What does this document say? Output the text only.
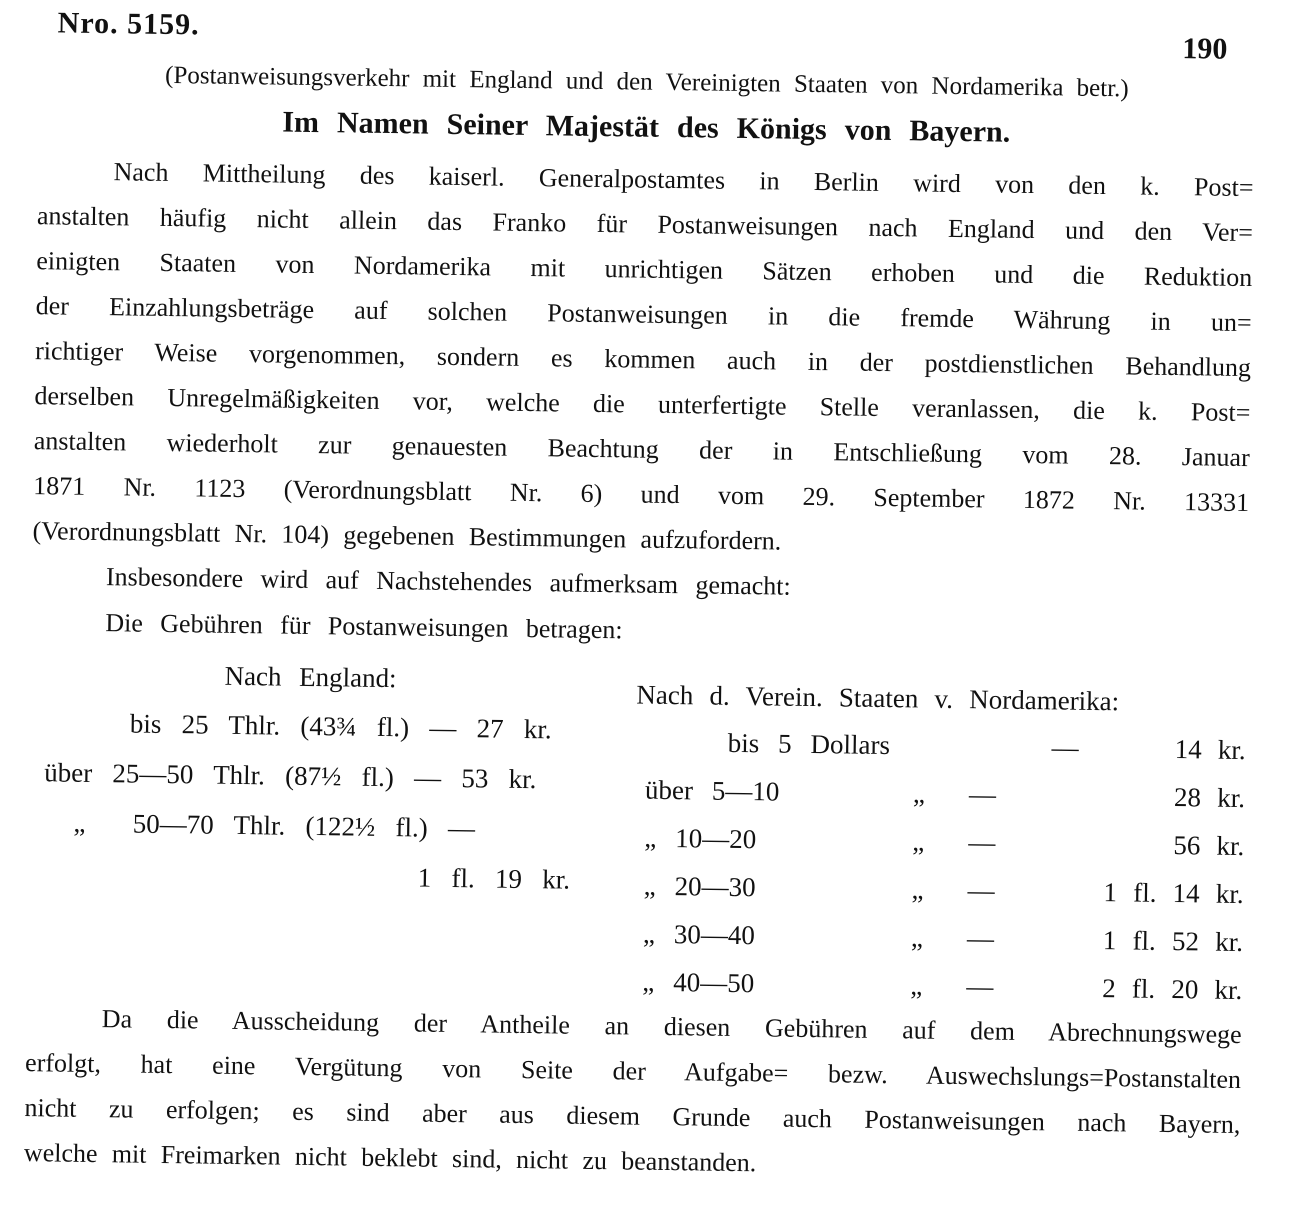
Nro. 5159.
190
(Postanweisungsverkehr mit England und den Vereinigten Staaten von Nordamerika betr.)
Im Namen Seiner Majestät des Königs von Bayern.
Nach Mittheilung des kaiserl. Generalpostamtes in Berlin wird von den k. Post=
anstalten häufig nicht allein das Franko für Postanweisungen nach England und den Ver=
einigten Staaten von Nordamerika mit unrichtigen Sätzen erhoben und die Reduktion
der Einzahlungsbeträge auf solchen Postanweisungen in die fremde Währung in un=
richtiger Weise vorgenommen, sondern es kommen auch in der postdienstlichen Behandlung
derselben Unregelmäßigkeiten vor, welche die unterfertigte Stelle veranlassen, die k. Post=
anstalten wiederholt zur genauesten Beachtung der in Entschließung vom 28. Januar
1871 Nr. 1123 (Verordnungsblatt Nr. 6) und vom 29. September 1872 Nr. 13331
(Verordnungsblatt Nr. 104) gegebenen Bestimmungen aufzufordern.
Insbesondere wird auf Nachstehendes aufmerksam gemacht:
Die Gebühren für Postanweisungen betragen:
Nach England:
bis 25 Thlr. (43¾ fl.) — 27 kr.
über 25—50 Thlr. (87½ fl.) — 53 kr.
„  50—70 Thlr. (122½ fl.) —
1 fl. 19 kr.
Nach d. Verein. Staaten v. Nordamerika:
bis 5 Dollars	—	14 kr.
über 5—10	„	—	28 kr.
„ 10—20	„	—	56 kr.
„ 20—30	„	—	1 fl. 14 kr.
„ 30—40	„	—	1 fl. 52 kr.
„ 40—50	„	—	2 fl. 20 kr.
Da die Ausscheidung der Antheile an diesen Gebühren auf dem Abrechnungswege
erfolgt, hat eine Vergütung von Seite der Aufgabe= bezw. Auswechslungs=Postanstalten
nicht zu erfolgen; es sind aber aus diesem Grunde auch Postanweisungen nach Bayern,
welche mit Freimarken nicht beklebt sind, nicht zu beanstanden.
